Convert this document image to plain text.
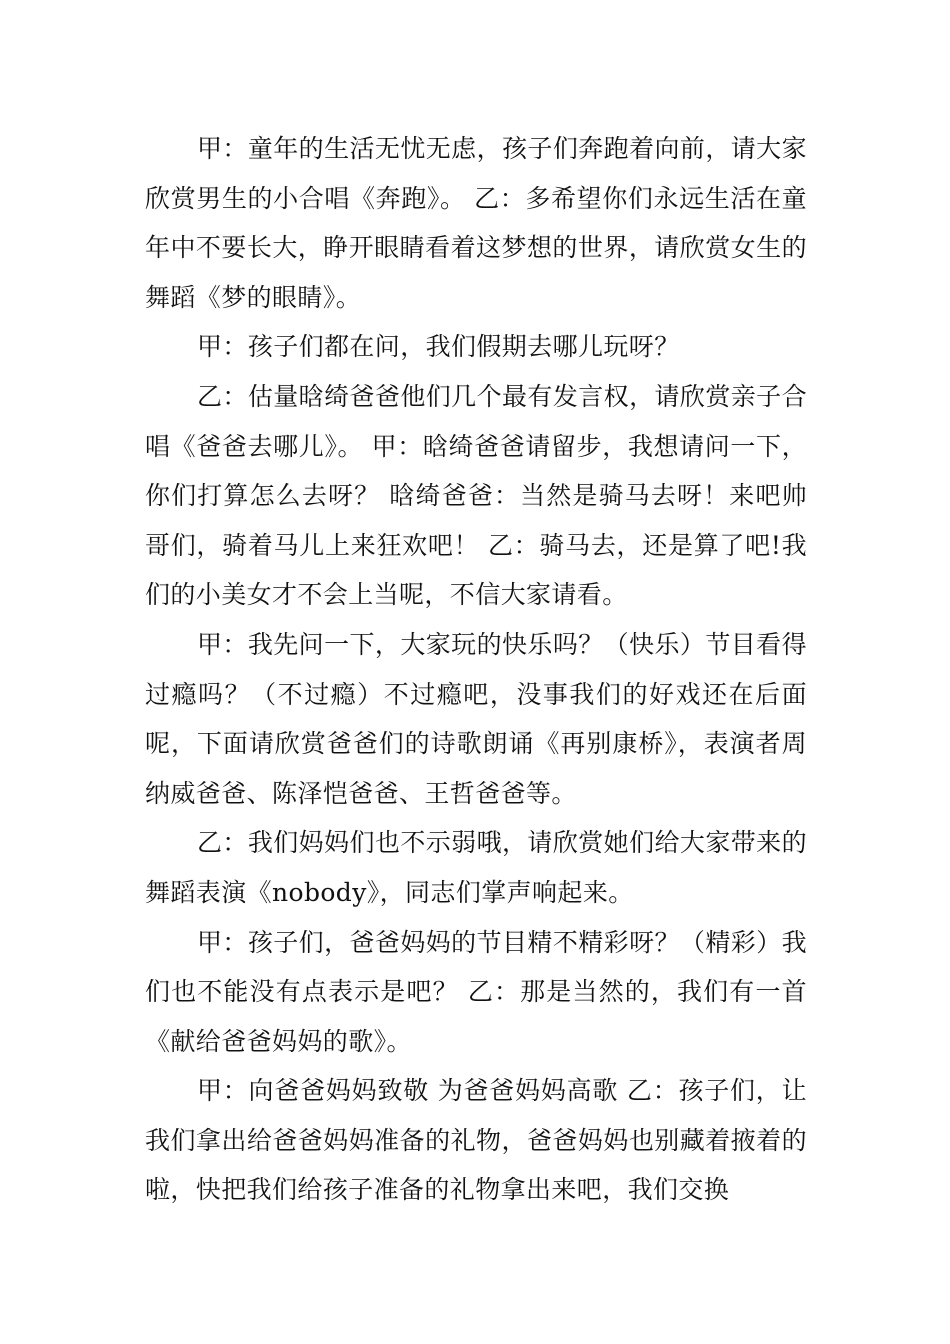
甲：童年的生活无忧无虑，孩子们奔跑着向前，请大家欣赏男生的小合唱《奔跑》。 乙：多希望你们永远生活在童年中不要长大，睁开眼睛看着这梦想的世界，请欣赏女生的舞蹈《梦的眼睛》。

甲：孩子们都在问，我们假期去哪儿玩呀？

乙：估量晗绮爸爸他们几个最有发言权，请欣赏亲子合唱《爸爸去哪儿》。 甲：晗绮爸爸请留步，我想请问一下，你们打算怎么去呀？ 晗绮爸爸：当然是骑马去呀！来吧帅哥们，骑着马儿上来狂欢吧！ 乙：骑马去，还是算了吧!我们的小美女才不会上当呢，不信大家请看。

甲：我先问一下，大家玩的快乐吗？（快乐）节目看得过瘾吗？（不过瘾）不过瘾吧，没事我们的好戏还在后面呢，下面请欣赏爸爸们的诗歌朗诵《再别康桥》，表演者周纳威爸爸、陈泽恺爸爸、王哲爸爸等。

乙：我们妈妈们也不示弱哦，请欣赏她们给大家带来的舞蹈表演《nobody》，同志们掌声响起来。

甲：孩子们，爸爸妈妈的节目精不精彩呀？（精彩）我们也不能没有点表示是吧？ 乙：那是当然的，我们有一首《献给爸爸妈妈的歌》。

甲：向爸爸妈妈致敬 为爸爸妈妈高歌 乙：孩子们，让我们拿出给爸爸妈妈准备的礼物，爸爸妈妈也别藏着掖着的啦，快把我们给孩子准备的礼物拿出来吧，我们交换
